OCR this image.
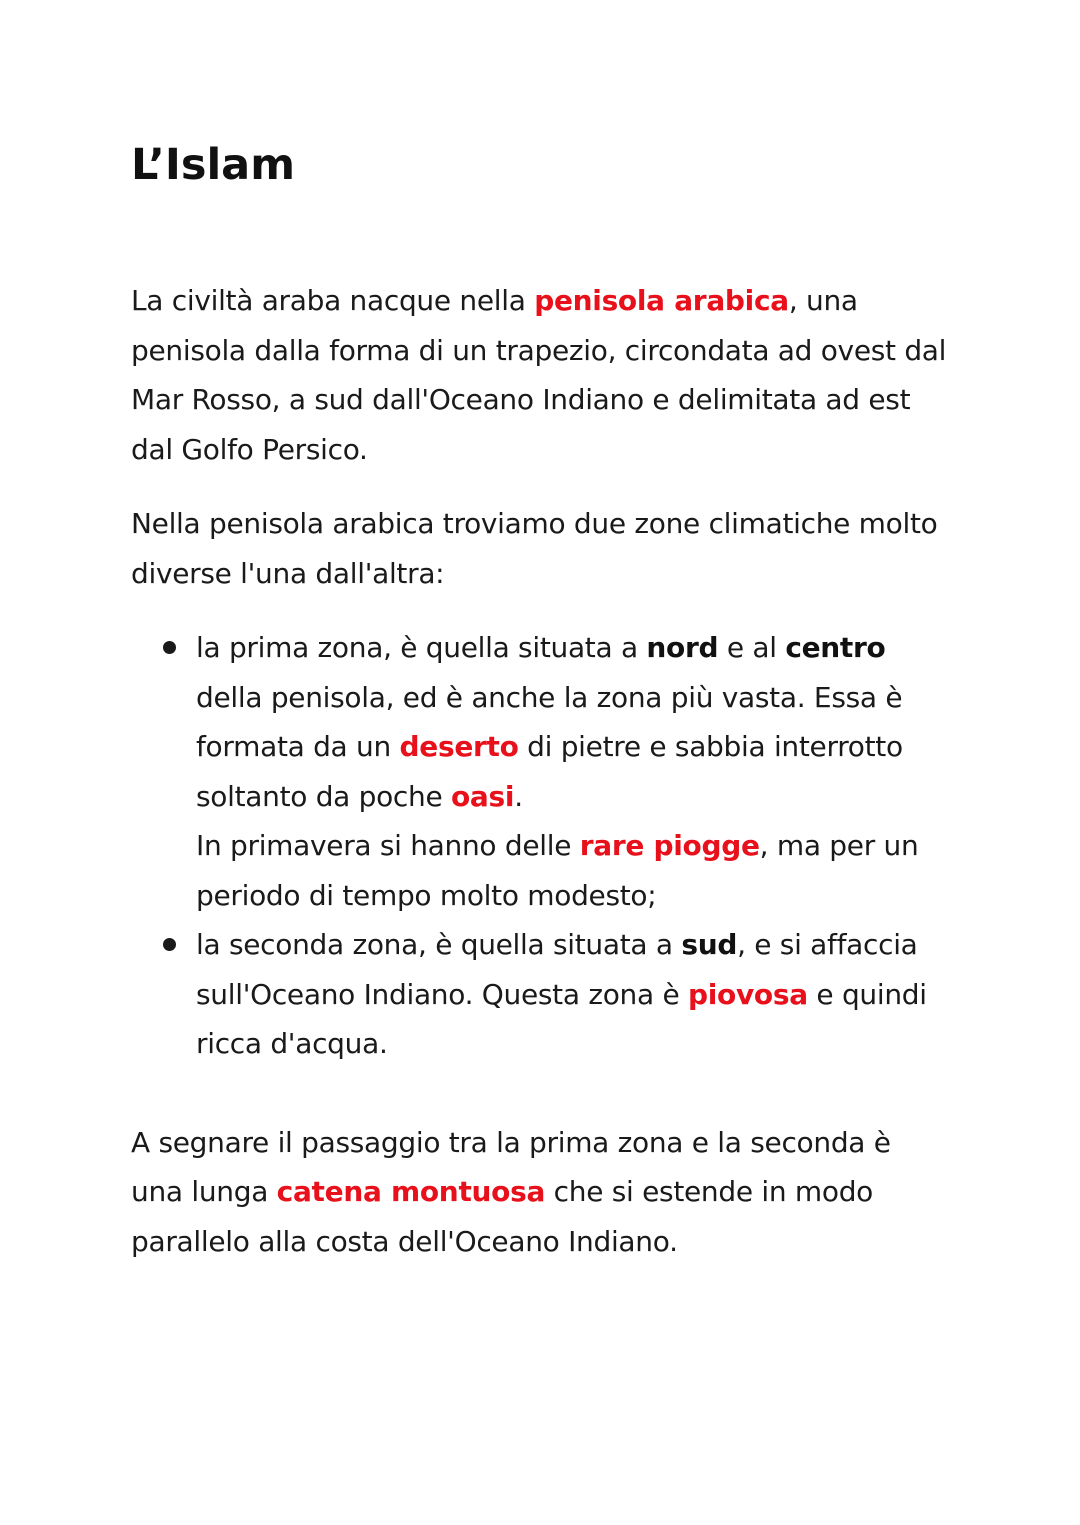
L’Islam

La civiltà araba nacque nella penisola arabica, una penisola dalla forma di un trapezio, circondata ad ovest dal Mar Rosso, a sud dall'Oceano Indiano e delimitata ad est dal Golfo Persico.

Nella penisola arabica troviamo due zone climatiche molto diverse l'una dall'altra:

la prima zona, è quella situata a nord e al centro della penisola, ed è anche la zona più vasta. Essa è formata da un deserto di pietre e sabbia interrotto soltanto da poche oasi.
In primavera si hanno delle rare piogge, ma per un periodo di tempo molto modesto;
la seconda zona, è quella situata a sud, e si affaccia sull'Oceano Indiano. Questa zona è piovosa e quindi ricca d'acqua.

A segnare il passaggio tra la prima zona e la seconda è una lunga catena montuosa che si estende in modo parallelo alla costa dell'Oceano Indiano.
